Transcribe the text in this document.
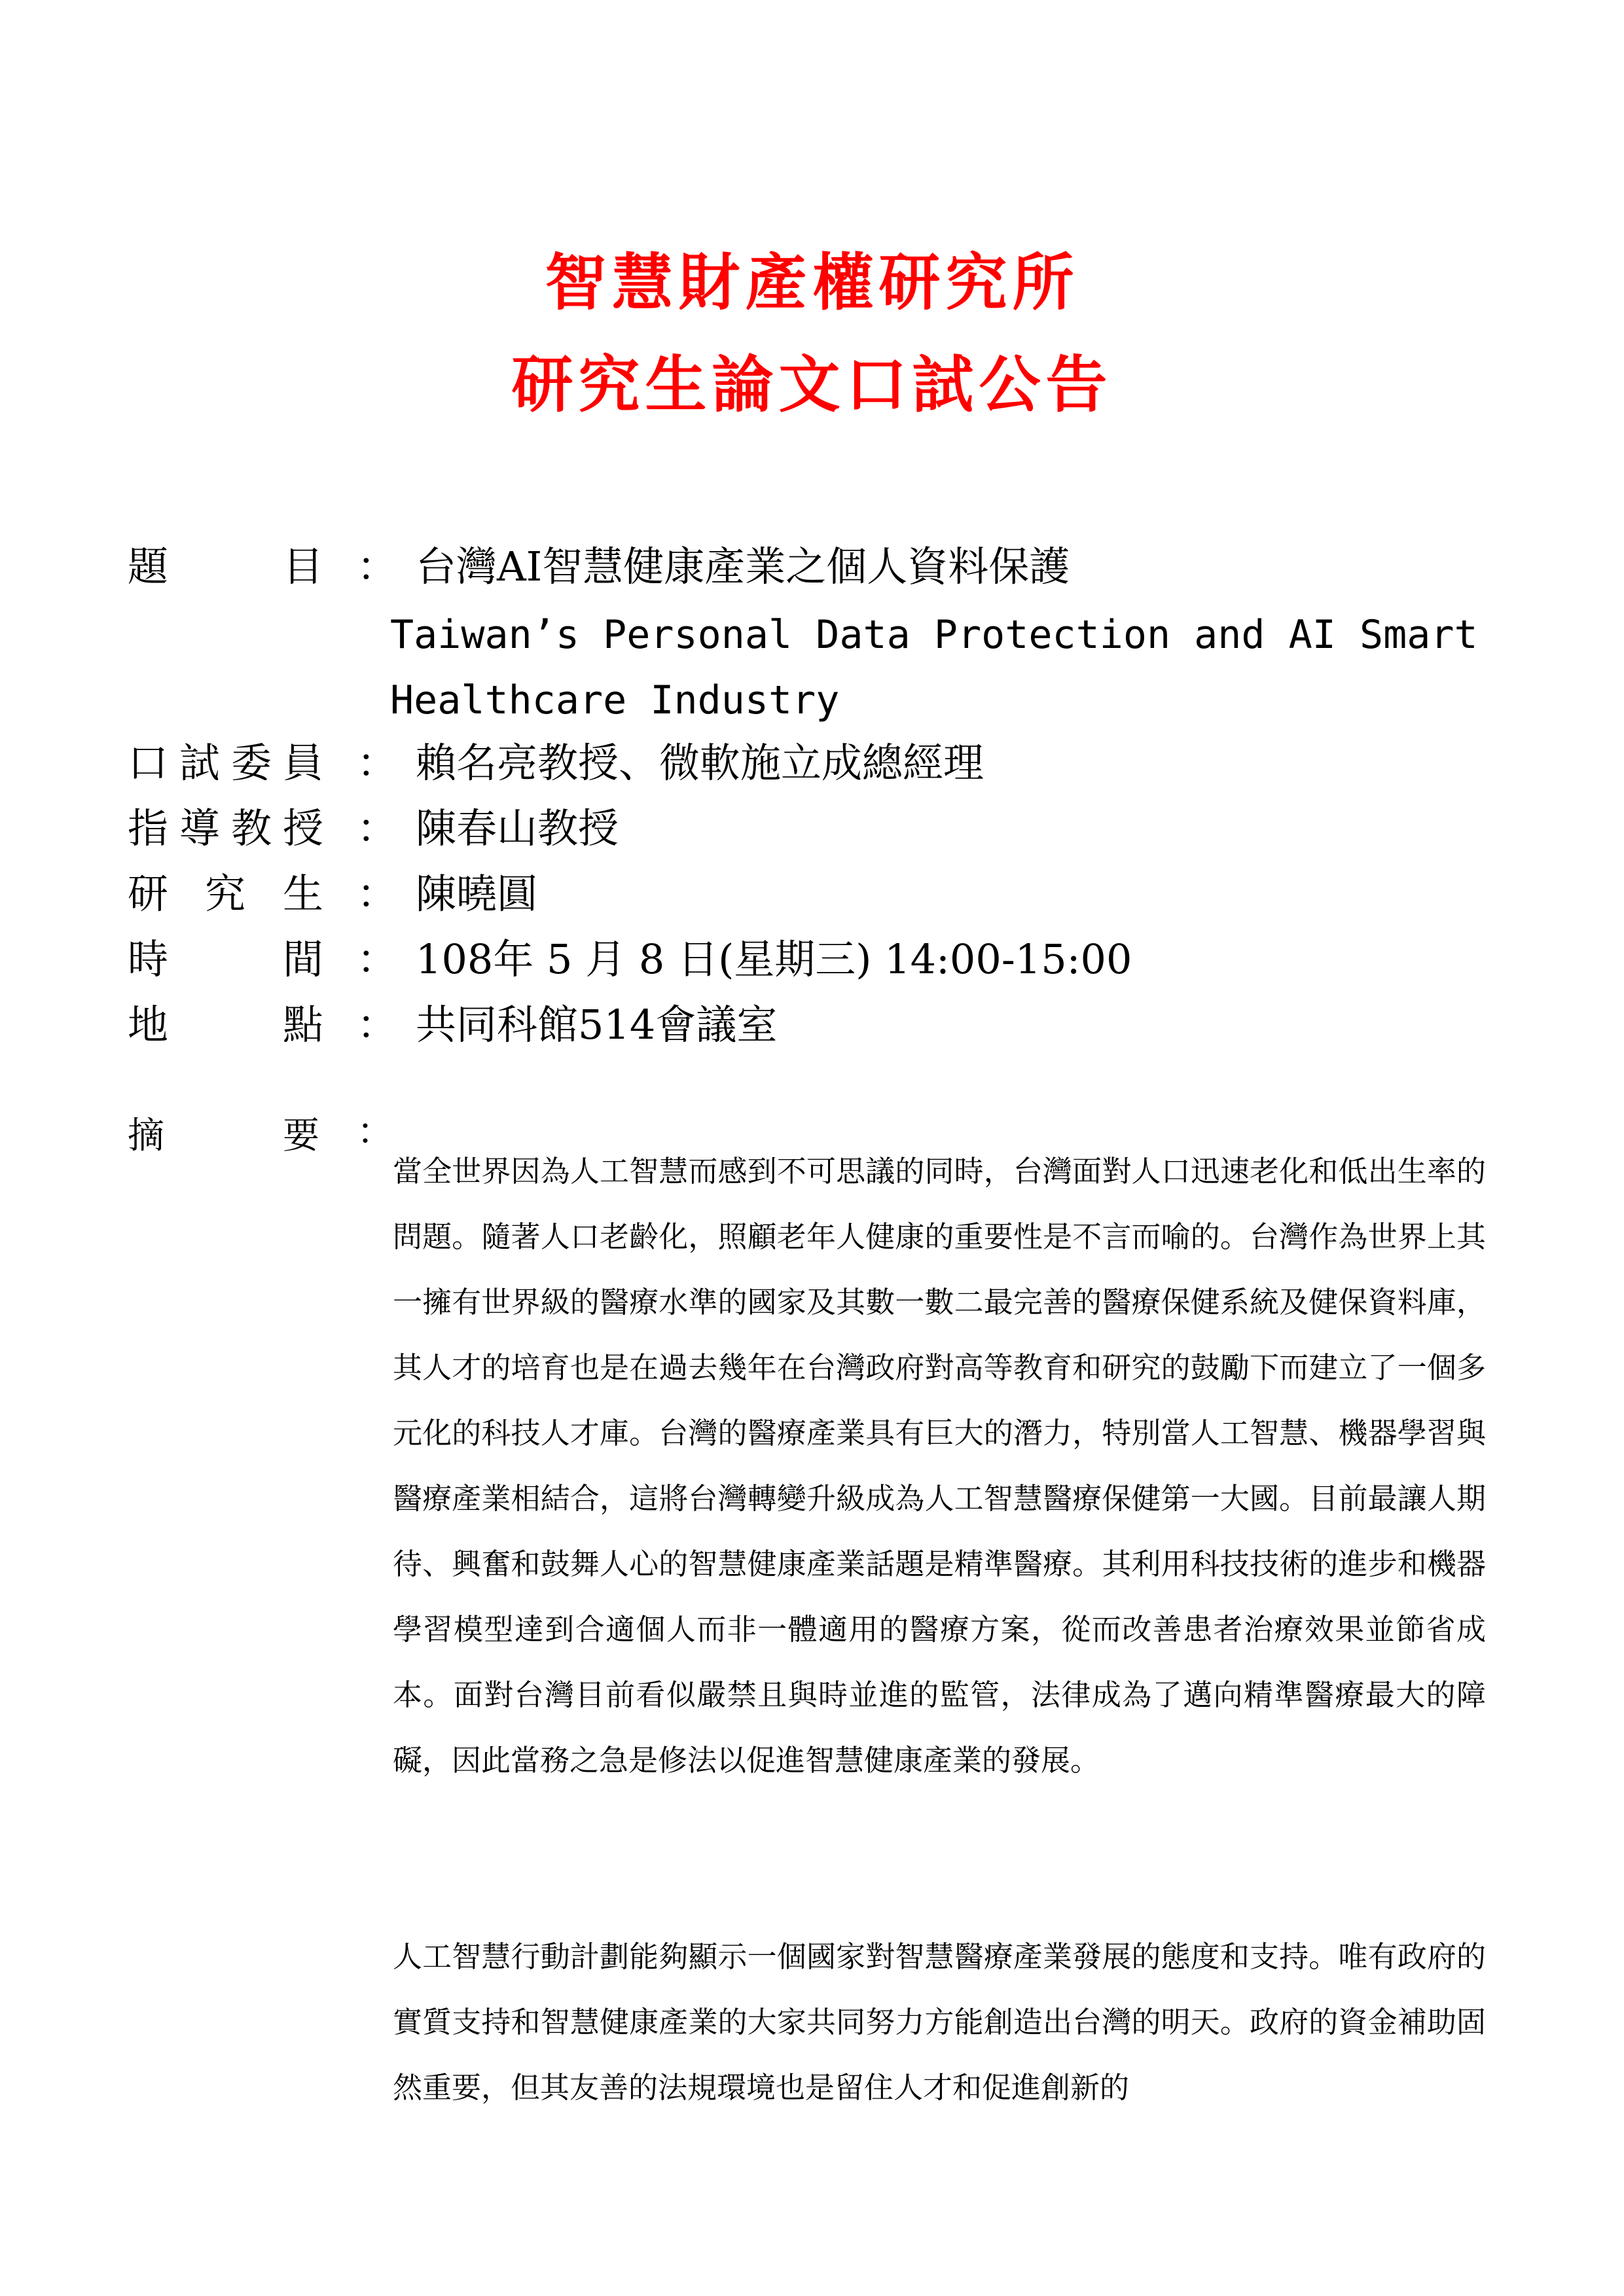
智慧財產權研究所
研究生論文口試公告
題	目 ： 台灣AI智慧健康產業之個人資料保護
Taiwan’s Personal Data Protection and AI Smart Healthcare Industry
口 試 委 員 ： 賴名亮教授、微軟施立成總經理
指 導 教 授 ： 陳春山教授
研 究 生 ： 陳曉圓
時	間 ： 108年 5 月 8 日(星期三) 14:00-15:00
地	點 ： 共同科館514會議室
摘	要 ：
當全世界因為人工智慧而感到不可思議的同時，台灣面對人口迅速老化和低出生率的問題。隨著人口老齡化，照顧老年人健康的重要性是不言而喻的。台灣作為世界上其一擁有世界級的醫療水準的國家及其數一數二最完善的醫療保健系統及健保資料庫，其人才的培育也是在過去幾年在台灣政府對高等教育和研究的鼓勵下而建立了一個多元化的科技人才庫。台灣的醫療產業具有巨大的潛力，特別當人工智慧、機器學習與醫療產業相結合，這將台灣轉變升級成為人工智慧醫療保健第一大國。目前最讓人期待、興奮和鼓舞人心的智慧健康產業話題是精準醫療。其利用科技技術的進步和機器學習模型達到合適個人而非一體適用的醫療方案，從而改善患者治療效果並節省成本。面對台灣目前看似嚴禁且與時並進的監管，法律成為了邁向精準醫療最大的障礙，因此當務之急是修法以促進智慧健康產業的發展。
人工智慧行動計劃能夠顯示一個國家對智慧醫療產業發展的態度和支持。唯有政府的實質支持和智慧健康產業的大家共同努力方能創造出台灣的明天。政府的資金補助固然重要，但其友善的法規環境也是留住人才和促進創新的
